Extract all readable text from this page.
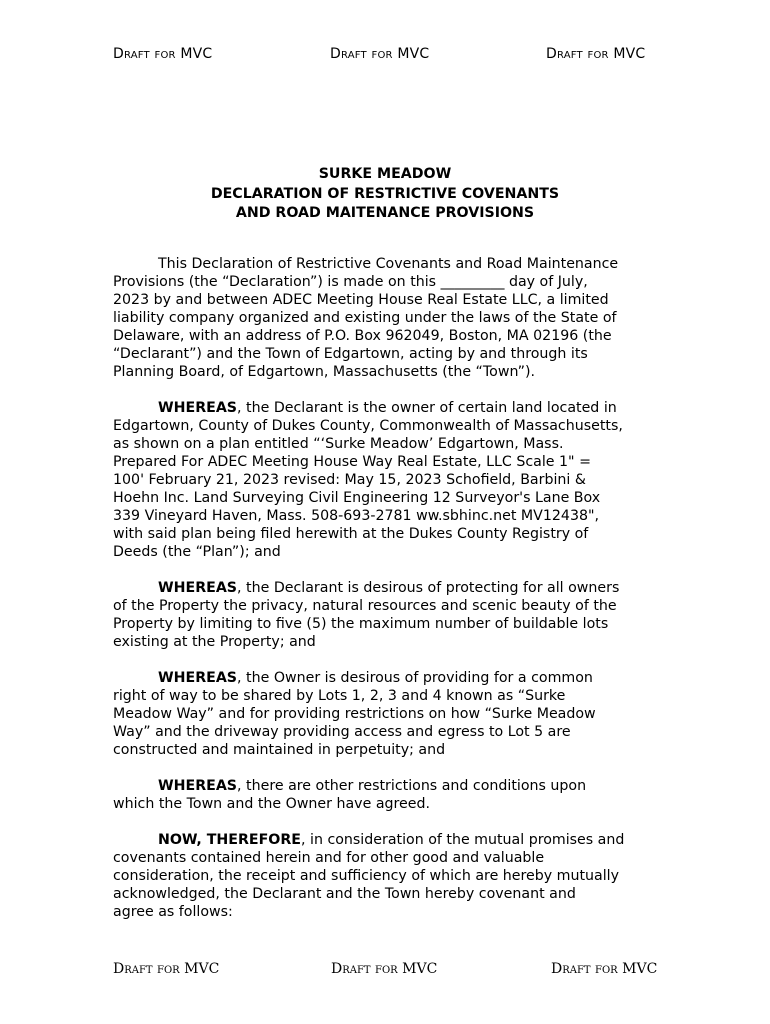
Draft for MVC	Draft for MVC	Draft for MVC
SURKE MEADOW
DECLARATION OF RESTRICTIVE COVENANTS
AND ROAD MAITENANCE PROVISIONS

This Declaration of Restrictive Covenants and Road Maintenance
Provisions (the “Declaration”) is made on this _________ day of July,
2023 by and between ADEC Meeting House Real Estate LLC, a limited
liability company organized and existing under the laws of the State of
Delaware, with an address of P.O. Box 962049, Boston, MA 02196 (the
“Declarant”) and the Town of Edgartown, acting by and through its
Planning Board, of Edgartown, Massachusetts (the “Town”).

WHEREAS, the Declarant is the owner of certain land located in
Edgartown, County of Dukes County, Commonwealth of Massachusetts,
as shown on a plan entitled “‘Surke Meadow’ Edgartown, Mass.
Prepared For ADEC Meeting House Way Real Estate, LLC Scale 1" =
100' February 21, 2023 revised: May 15, 2023 Schofield, Barbini &
Hoehn Inc. Land Surveying Civil Engineering 12 Surveyor's Lane Box
339 Vineyard Haven, Mass. 508-693-2781 ww.sbhinc.net MV12438",
with said plan being filed herewith at the Dukes County Registry of
Deeds (the “Plan”); and

WHEREAS, the Declarant is desirous of protecting for all owners
of the Property the privacy, natural resources and scenic beauty of the
Property by limiting to five (5) the maximum number of buildable lots
existing at the Property; and

WHEREAS, the Owner is desirous of providing for a common
right of way to be shared by Lots 1, 2, 3 and 4 known as “Surke
Meadow Way” and for providing restrictions on how “Surke Meadow
Way” and the driveway providing access and egress to Lot 5 are
constructed and maintained in perpetuity; and

WHEREAS, there are other restrictions and conditions upon
which the Town and the Owner have agreed.

NOW, THEREFORE, in consideration of the mutual promises and
covenants contained herein and for other good and valuable
consideration, the receipt and sufficiency of which are hereby mutually
acknowledged, the Declarant and the Town hereby covenant and
agree as follows:

Draft for MVC	Draft for MVC	Draft for MVC
